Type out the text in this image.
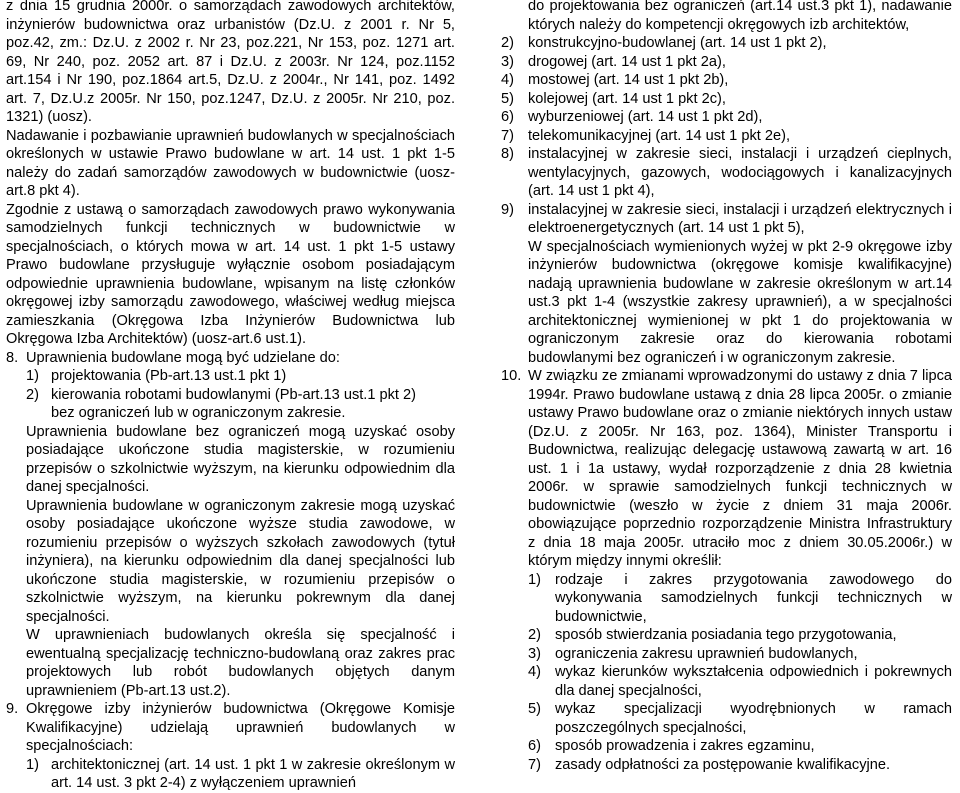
z dnia 15 grudnia 2000r. o samorządach zawodowych architektów, inżynierów budownictwa oraz urbanistów (Dz.U. z 2001 r. Nr 5, poz.42, zm.: Dz.U. z 2002 r. Nr 23, poz.221, Nr 153, poz. 1271 art. 69, Nr 240, poz. 2052 art. 87 i Dz.U. z 2003r. Nr 124, poz.1152 art.154 i Nr 190, poz.1864 art.5, Dz.U. z 2004r., Nr 141, poz. 1492 art. 7, Dz.U.z 2005r. Nr 150, poz.1247, Dz.U. z 2005r. Nr 210, poz. 1321) (uosz).

Nadawanie i pozbawianie uprawnień budowlanych w specjalnościach określonych w ustawie Prawo budowlane w art. 14 ust. 1 pkt 1-5 należy do zadań samorządów zawodowych w budownictwie (uosz-art.8 pkt 4).

Zgodnie z ustawą o samorządach zawodowych prawo wykonywania samodzielnych funkcji technicznych w budownictwie w specjalnościach, o których mowa w art. 14 ust. 1 pkt 1-5 ustawy Prawo budowlane przysługuje wyłącznie osobom posiadającym odpowiednie uprawnienia budowlane, wpisanym na listę członków okręgowej izby samorządu zawodowego, właściwej według miejsca zamieszkania (Okręgowa Izba Inżynierów Budownictwa lub Okręgowa Izba Architektów) (uosz-art.6 ust.1).

8. Uprawnienia budowlane mogą być udzielane do:
1) projektowania (Pb-art.13 ust.1 pkt 1)
2) kierowania robotami budowlanymi (Pb-art.13 ust.1 pkt 2)
bez ograniczeń lub w ograniczonym zakresie.

Uprawnienia budowlane bez ograniczeń mogą uzyskać osoby posiadające ukończone studia magisterskie, w rozumieniu przepisów o szkolnictwie wyższym, na kierunku odpowiednim dla danej specjalności.

Uprawnienia budowlane w ograniczonym zakresie mogą uzyskać osoby posiadające ukończone wyższe studia zawodowe, w rozumieniu przepisów o wyższych szkołach zawodowych (tytuł inżyniera), na kierunku odpowiednim dla danej specjalności lub ukończone studia magisterskie, w rozumieniu przepisów o szkolnictwie wyższym, na kierunku pokrewnym dla danej specjalności.

W uprawnieniach budowlanych określa się specjalność i ewentualną specjalizację techniczno-budowlaną oraz zakres prac projektowych lub robót budowlanych objętych danym uprawnieniem (Pb-art.13 ust.2).

9. Okręgowe izby inżynierów budownictwa (Okręgowe Komisje Kwalifikacyjne) udzielają uprawnień budowlanych w specjalnościach:
1) architektonicznej (art. 14 ust. 1 pkt 1 w zakresie określonym w art. 14 ust. 3 pkt 2-4) z wyłączeniem uprawnień
do projektowania bez ograniczeń (art.14 ust.3 pkt 1), nadawanie których należy do kompetencji okręgowych izb architektów,
2) konstrukcyjno-budowlanej (art. 14 ust 1 pkt 2),
3) drogowej (art. 14 ust 1 pkt 2a),
4) mostowej (art. 14 ust 1 pkt 2b),
5) kolejowej (art. 14 ust 1 pkt 2c),
6) wyburzeniowej (art. 14 ust 1 pkt 2d),
7) telekomunikacyjnej (art. 14 ust 1 pkt 2e),
8) instalacyjnej w zakresie sieci, instalacji i urządzeń cieplnych, wentylacyjnych, gazowych, wodociągowych i kanalizacyjnych (art. 14 ust 1 pkt 4),
9) instalacyjnej w zakresie sieci, instalacji i urządzeń elektrycznych i elektroenergetycznych (art. 14 ust 1 pkt 5),

W specjalnościach wymienionych wyżej w pkt 2-9 okręgowe izby inżynierów budownictwa (okręgowe komisje kwalifikacyjne) nadają uprawnienia budowlane w zakresie określonym w art.14 ust.3 pkt 1-4 (wszystkie zakresy uprawnień), a w specjalności architektonicznej wymienionej w pkt 1 do projektowania w ograniczonym zakresie oraz do kierowania robotami budowlanymi bez ograniczeń i w ograniczonym zakresie.

10. W związku ze zmianami wprowadzonymi do ustawy z dnia 7 lipca 1994r. Prawo budowlane ustawą z dnia 28 lipca 2005r. o zmianie ustawy Prawo budowlane oraz o zmianie niektórych innych ustaw (Dz.U. z 2005r. Nr 163, poz. 1364), Minister Transportu i Budownictwa, realizując delegację ustawową zawartą w art. 16 ust. 1 i 1a ustawy, wydał rozporządzenie z dnia 28 kwietnia 2006r. w sprawie samodzielnych funkcji technicznych w budownictwie (weszło w życie z dniem 31 maja 2006r. obowiązujące poprzednio rozporządzenie Ministra Infrastruktury z dnia 18 maja 2005r. utraciło moc z dniem 30.05.2006r.) w którym między innymi określił:
1) rodzaje i zakres przygotowania zawodowego do wykonywania samodzielnych funkcji technicznych w budownictwie,
2) sposób stwierdzania posiadania tego przygotowania,
3) ograniczenia zakresu uprawnień budowlanych,
4) wykaz kierunków wykształcenia odpowiednich i pokrewnych dla danej specjalności,
5) wykaz specjalizacji wyodrębnionych w ramach poszczególnych specjalności,
6) sposób prowadzenia i zakres egzaminu,
7) zasady odpłatności za postępowanie kwalifikacyjne.
